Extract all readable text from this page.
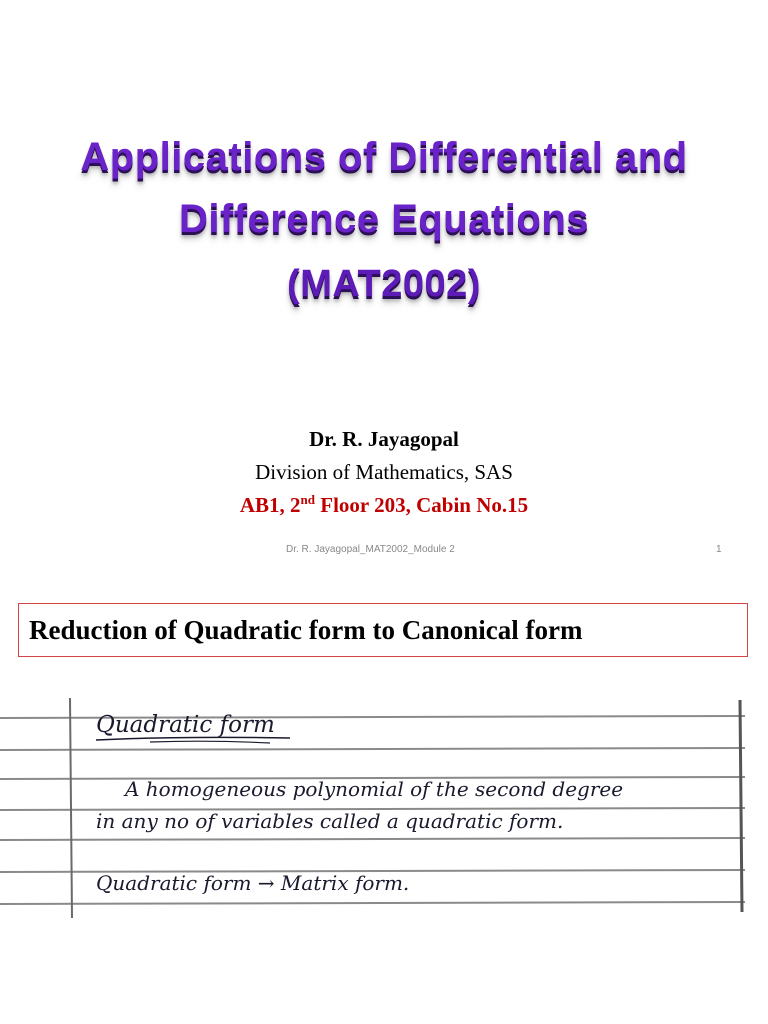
Applications of Differential and
Difference Equations
(MAT2002)
Dr. R. Jayagopal
Division of Mathematics, SAS
AB1, 2nd Floor 203, Cabin No.15
Dr. R. Jayagopal_MAT2002_Module 2	1
Reduction of Quadratic form to Canonical form
Quadratic form
A homogeneous polynomial of the second degree
in any no of variables called a quadratic form.
Quadratic form → Matrix form.
